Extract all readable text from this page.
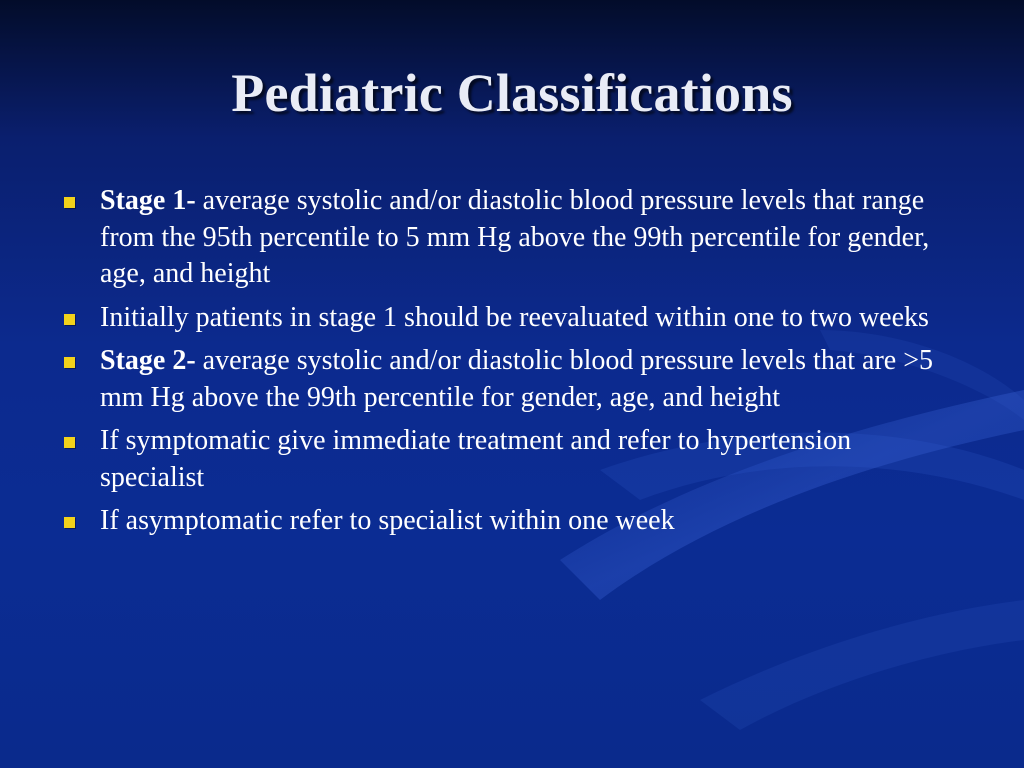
Pediatric Classifications
Stage 1- average systolic and/or diastolic blood pressure levels that range from the 95th percentile to 5 mm Hg above the 99th percentile for gender, age, and height
Initially patients in stage 1 should be reevaluated within one to two weeks
Stage 2- average systolic and/or diastolic blood pressure levels that are >5 mm Hg above the 99th percentile for gender, age, and height
If symptomatic give immediate treatment and refer to hypertension specialist
If asymptomatic refer to specialist within one week
